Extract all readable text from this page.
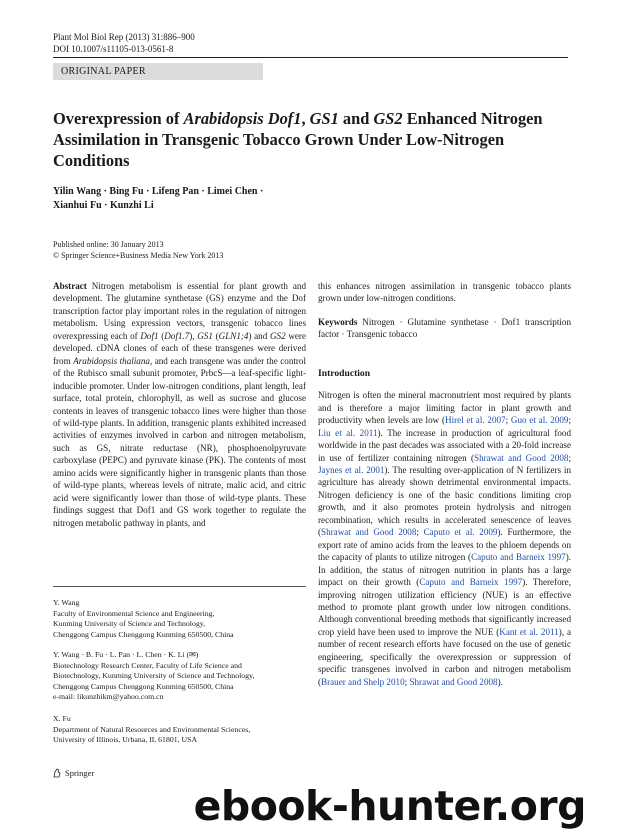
Plant Mol Biol Rep (2013) 31:886–900
DOI 10.1007/s11105-013-0561-8
ORIGINAL PAPER
Overexpression of Arabidopsis Dof1, GS1 and GS2 Enhanced Nitrogen Assimilation in Transgenic Tobacco Grown Under Low-Nitrogen Conditions
Yilin Wang · Bing Fu · Lifeng Pan · Limei Chen ·
Xianhui Fu · Kunzhi Li
Published online: 30 January 2013
© Springer Science+Business Media New York 2013
Abstract Nitrogen metabolism is essential for plant growth and development. The glutamine synthetase (GS) enzyme and the Dof transcription factor play important roles in the regulation of nitrogen metabolism. Using expression vectors, transgenic tobacco lines overexpressing each of Dof1 (Dof1.7), GS1 (GLN1;4) and GS2 were developed. cDNA clones of each of these transgenes were derived from Arabidopsis thaliana, and each transgene was under the control of the Rubisco small subunit promoter, PrbcS—a leaf-specific light-inducible promoter. Under low-nitrogen conditions, plant length, leaf surface, total protein, chlorophyll, as well as sucrose and glucose contents in leaves of transgenic tobacco lines were higher than those of wild-type plants. In addition, transgenic plants exhibited increased activities of enzymes involved in carbon and nitrogen metabolism, such as GS, nitrate reductase (NR), phosphoenolpyruvate carboxylase (PEPC) and pyruvate kinase (PK). The contents of most amino acids were significantly higher in transgenic plants than those of wild-type plants, whereas levels of nitrate, malic acid, and citric acid were significantly lower than those of wild-type plants. These findings suggest that Dof1 and GS work together to regulate the nitrogen metabolic pathway in plants, and
this enhances nitrogen assimilation in transgenic tobacco plants grown under low-nitrogen conditions.
Keywords Nitrogen · Glutamine synthetase · Dof1 transcription factor · Transgenic tobacco
Introduction
Nitrogen is often the mineral macronutrient most required by plants and is therefore a major limiting factor in plant growth and productivity when levels are low (Hirel et al. 2007; Guo et al. 2009; Liu et al. 2011). The increase in production of agricultural food worldwide in the past decades was associated with a 20-fold increase in use of fertilizer containing nitrogen (Shrawat and Good 2008; Jaynes et al. 2001). The resulting over-application of N fertilizers in agriculture has already shown detrimental environmental impacts. Nitrogen deficiency is one of the basic conditions limiting crop growth, and it also promotes protein hydrolysis and nitrogen recombination, which results in accelerated senescence of leaves (Shrawat and Good 2008; Caputo et al. 2009). Furthermore, the export rate of amino acids from the leaves to the phloem depends on the capacity of plants to utilize nitrogen (Caputo and Barneix 1997). In addition, the status of nitrogen nutrition in plants has a large impact on their growth (Caputo and Barneix 1997). Therefore, improving nitrogen utilization efficiency (NUE) is an effective method to promote plant growth under low nitrogen conditions. Although conventional breeding methods that significantly increased crop yield have been used to improve the NUE (Kant et al. 2011), a number of recent research efforts have focused on the use of genetic engineering, specifically the overexpression or suppression of specific transgenes involved in carbon and nitrogen metabolism (Brauer and Shelp 2010; Shrawat and Good 2008).
Y. Wang
Faculty of Environmental Science and Engineering,
Kunming University of Science and Technology,
Chenggong Campus Chenggong Kunming 650500, China
Y. Wang · B. Fu · L. Pan · L. Chen · K. Li (✉)
Biotechnology Research Center, Faculty of Life Science and
Biotechnology, Kunming University of Science and Technology,
Chenggong Campus Chenggong Kunming 650500, China
e-mail: likunzhikm@yahoo.com.cn
X. Fu
Department of Natural Resources and Environmental Sciences,
University of Illinois, Urbana, IL 61801, USA
Springer
ebook-hunter.org
